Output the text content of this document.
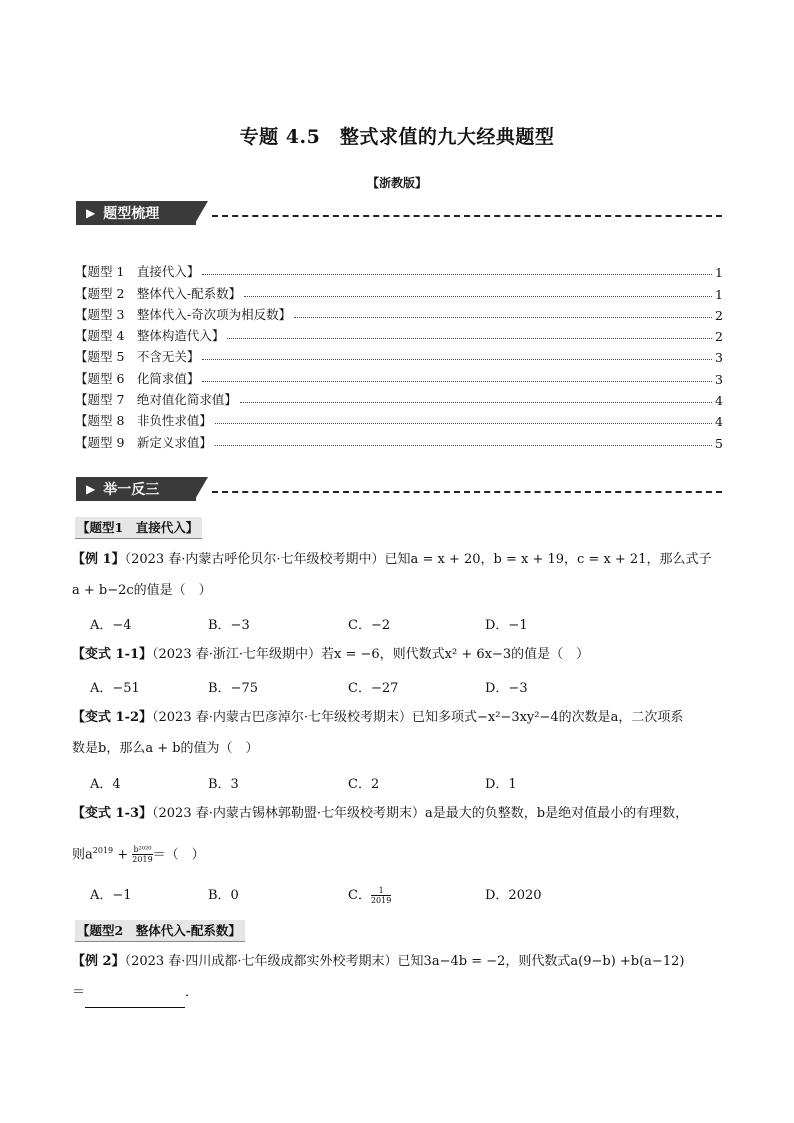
专题 4.5　整式求值的九大经典题型
【浙教版】
▶ 题型梳理
【题型 1　直接代入】	1
【题型 2　整体代入-配系数】	1
【题型 3　整体代入-奇次项为相反数】	2
【题型 4　整体构造代入】	2
【题型 5　不含无关】	3
【题型 6　化简求值】	3
【题型 7　绝对值化简求值】	4
【题型 8　非负性求值】	4
【题型 9　新定义求值】	5
▶ 举一反三
【题型1　直接代入】
【例 1】（2023 春·内蒙古呼伦贝尔·七年级校考期中）已知a = x + 20，b = x + 19，c = x + 21，那么式子
a + b−2c的值是（　）
A．−4	B．−3	C．−2	D．−1
【变式 1-1】（2023 春·浙江·七年级期中）若x = −6，则代数式x² + 6x−3的值是（　）
A．−51	B．−75	C．−27	D．−3
【变式 1-2】（2023 春·内蒙古巴彦淖尔·七年级校考期末）已知多项式−x²−3xy²−4的次数是a，二次项系
数是b，那么a + b的值为（　）
A．4	B．3	C．2	D．1
【变式 1-3】（2023 春·内蒙古锡林郭勒盟·七年级校考期末）a是最大的负整数，b是绝对值最小的有理数，
则$a^{2019} + \frac{\text{b²⁰²⁰}}{2019}$ ＝（　）
A．−1	B．0	C． $\frac{1}{2019}$	D．2020
【题型2　整体代入-配系数】
【例 2】（2023 春·四川成都·七年级成都实外校考期末）已知3a−4b = −2，则代数式a(9−b) +b(a−12)
＝	．
